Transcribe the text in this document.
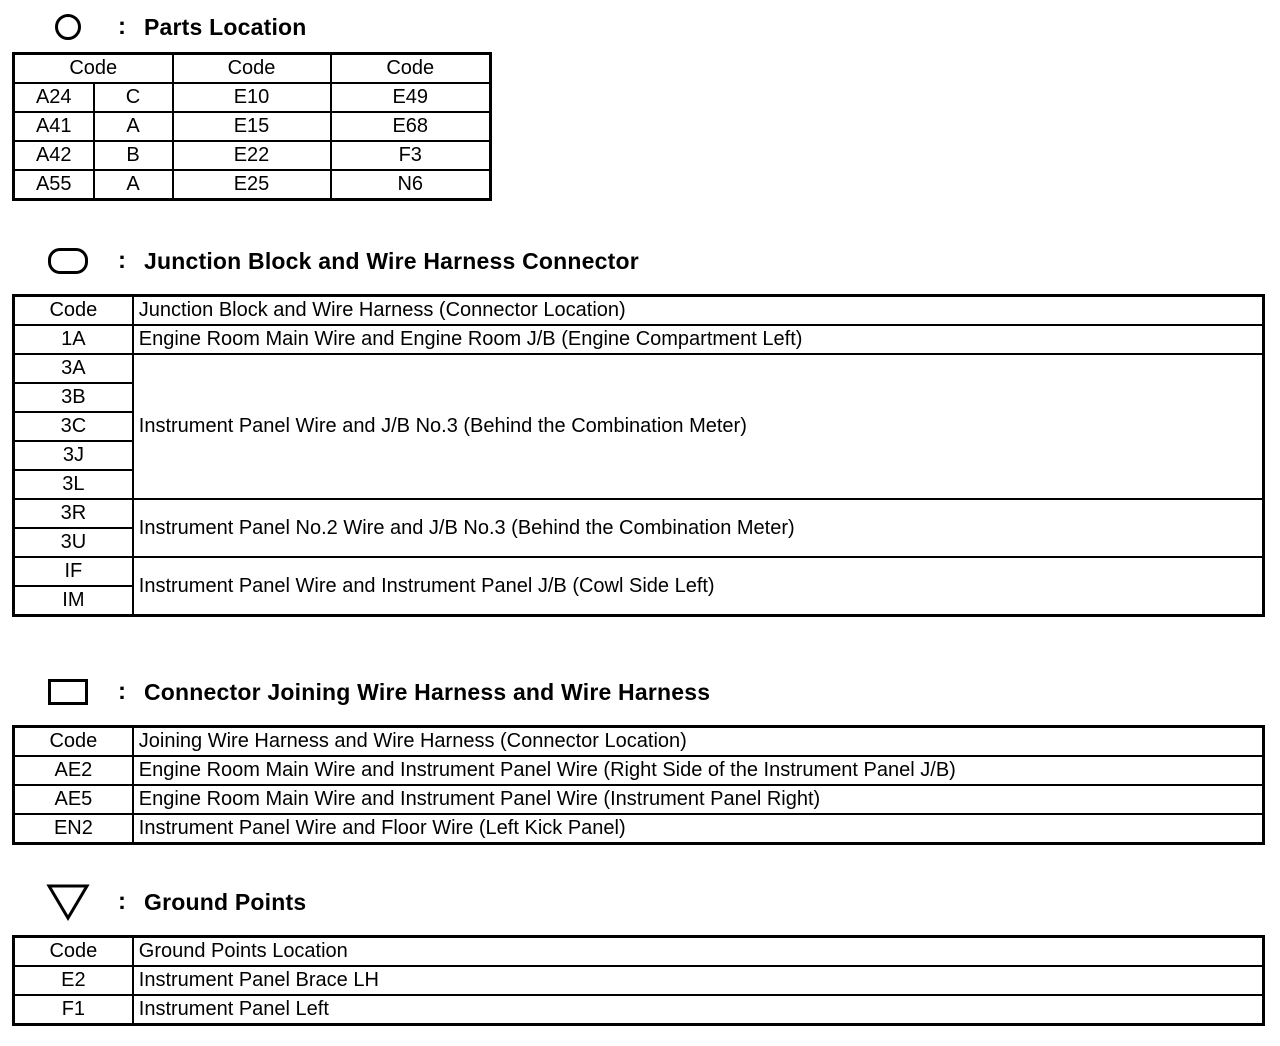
: Parts Location
Code		Code	Code
A24	C	E10	E49
A41	A	E15	E68
A42	B	E22	F3
A55	A	E25	N6
: Junction Block and Wire Harness Connector
Code	Junction Block and Wire Harness (Connector Location)
1A	Engine Room Main Wire and Engine Room J/B (Engine Compartment Left)
3A	Instrument Panel Wire and J/B No.3 (Behind the Combination Meter)
3B	
3C	
3J	
3L	
3R	Instrument Panel No.2 Wire and J/B No.3 (Behind the Combination Meter)
3U	
IF	Instrument Panel Wire and Instrument Panel J/B (Cowl Side Left)
IM	
: Connector Joining Wire Harness and Wire Harness
Code	Joining Wire Harness and Wire Harness (Connector Location)
AE2	Engine Room Main Wire and Instrument Panel Wire (Right Side of the Instrument Panel J/B)
AE5	Engine Room Main Wire and Instrument Panel Wire (Instrument Panel Right)
EN2	Instrument Panel Wire and Floor Wire (Left Kick Panel)
: Ground Points
Code	Ground Points Location
E2	Instrument Panel Brace LH
F1	Instrument Panel Left
